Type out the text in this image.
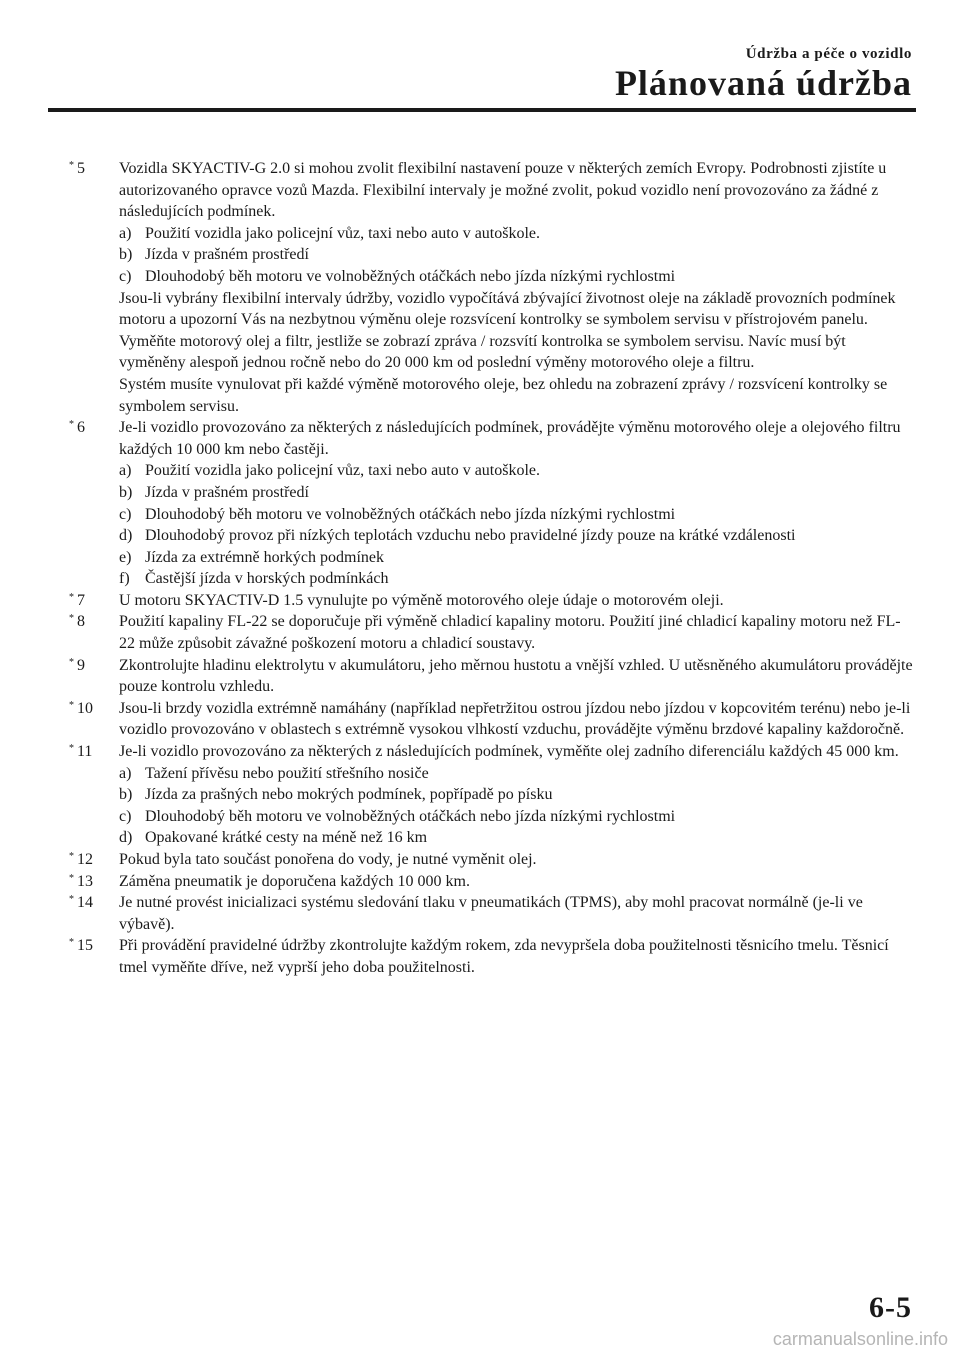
Údržba a péče o vozidlo
Plánovaná údržba
* 5 Vozidla SKYACTIV-G 2.0 si mohou zvolit flexibilní nastavení pouze v některých zemích Evropy. Podrobnosti zjistíte u autorizovaného opravce vozů Mazda. Flexibilní intervaly je možné zvolit, pokud vozidlo není provozováno za žádné z následujících podmínek.

a) Použití vozidla jako policejní vůz, taxi nebo auto v autoškole.
b) Jízda v prašném prostředí
c) Dlouhodobý běh motoru ve volnoběžných otáčkách nebo jízda nízkými rychlostmi

Jsou-li vybrány flexibilní intervaly údržby, vozidlo vypočítává zbývající životnost oleje na základě provozních podmínek motoru a upozorní Vás na nezbytnou výměnu oleje rozsvícení kontrolky se symbolem servisu v přístrojovém panelu.

Vyměňte motorový olej a filtr, jestliže se zobrazí zpráva / rozsvítí kontrolka se symbolem servisu. Navíc musí být vyměněny alespoň jednou ročně nebo do 20 000 km od poslední výměny motorového oleje a filtru.

Systém musíte vynulovat při každé výměně motorového oleje, bez ohledu na zobrazení zprávy / rozsvícení kontrolky se symbolem servisu.

* 6 Je-li vozidlo provozováno za některých z následujících podmínek, provádějte výměnu motorového oleje a olejového filtru každých 10 000 km nebo častěji.

a) Použití vozidla jako policejní vůz, taxi nebo auto v autoškole.
b) Jízda v prašném prostředí
c) Dlouhodobý běh motoru ve volnoběžných otáčkách nebo jízda nízkými rychlostmi
d) Dlouhodobý provoz při nízkých teplotách vzduchu nebo pravidelné jízdy pouze na krátké vzdálenosti
e) Jízda za extrémně horkých podmínek
f) Častější jízda v horských podmínkách
* 7 U motoru SKYACTIV-D 1.5 vynulujte po výměně motorového oleje údaje o motorovém oleji.

* 8 Použití kapaliny FL-22 se doporučuje při výměně chladicí kapaliny motoru. Použití jiné chladicí kapaliny motoru než FL-22 může způsobit závažné poškození motoru a chladicí soustavy.

* 9 Zkontrolujte hladinu elektrolytu v akumulátoru, jeho měrnou hustotu a vnější vzhled. U utěsněného akumulátoru provádějte pouze kontrolu vzhledu.

* 10 Jsou-li brzdy vozidla extrémně namáhány (například nepřetržitou ostrou jízdou nebo jízdou v kopcovitém terénu) nebo je-li vozidlo provozováno v oblastech s extrémně vysokou vlhkostí vzduchu, provádějte výměnu brzdové kapaliny každoročně.

* 11 Je-li vozidlo provozováno za některých z následujících podmínek, vyměňte olej zadního diferenciálu každých 45 000 km.

a) Tažení přívěsu nebo použití střešního nosiče
b) Jízda za prašných nebo mokrých podmínek, popřípadě po písku
c) Dlouhodobý běh motoru ve volnoběžných otáčkách nebo jízda nízkými rychlostmi
d) Opakované krátké cesty na méně než 16 km
* 12 Pokud byla tato součást ponořena do vody, je nutné vyměnit olej.

* 13 Záměna pneumatik je doporučena každých 10 000 km.

* 14 Je nutné provést inicializaci systému sledování tlaku v pneumatikách (TPMS), aby mohl pracovat normálně (je-li ve výbavě).

* 15 Při provádění pravidelné údržby zkontrolujte každým rokem, zda nevypršela doba použitelnosti těsnicího tmelu. Těsnicí tmel vyměňte dříve, než vyprší jeho doba použitelnosti.

6-5
carmanualsonline.info
